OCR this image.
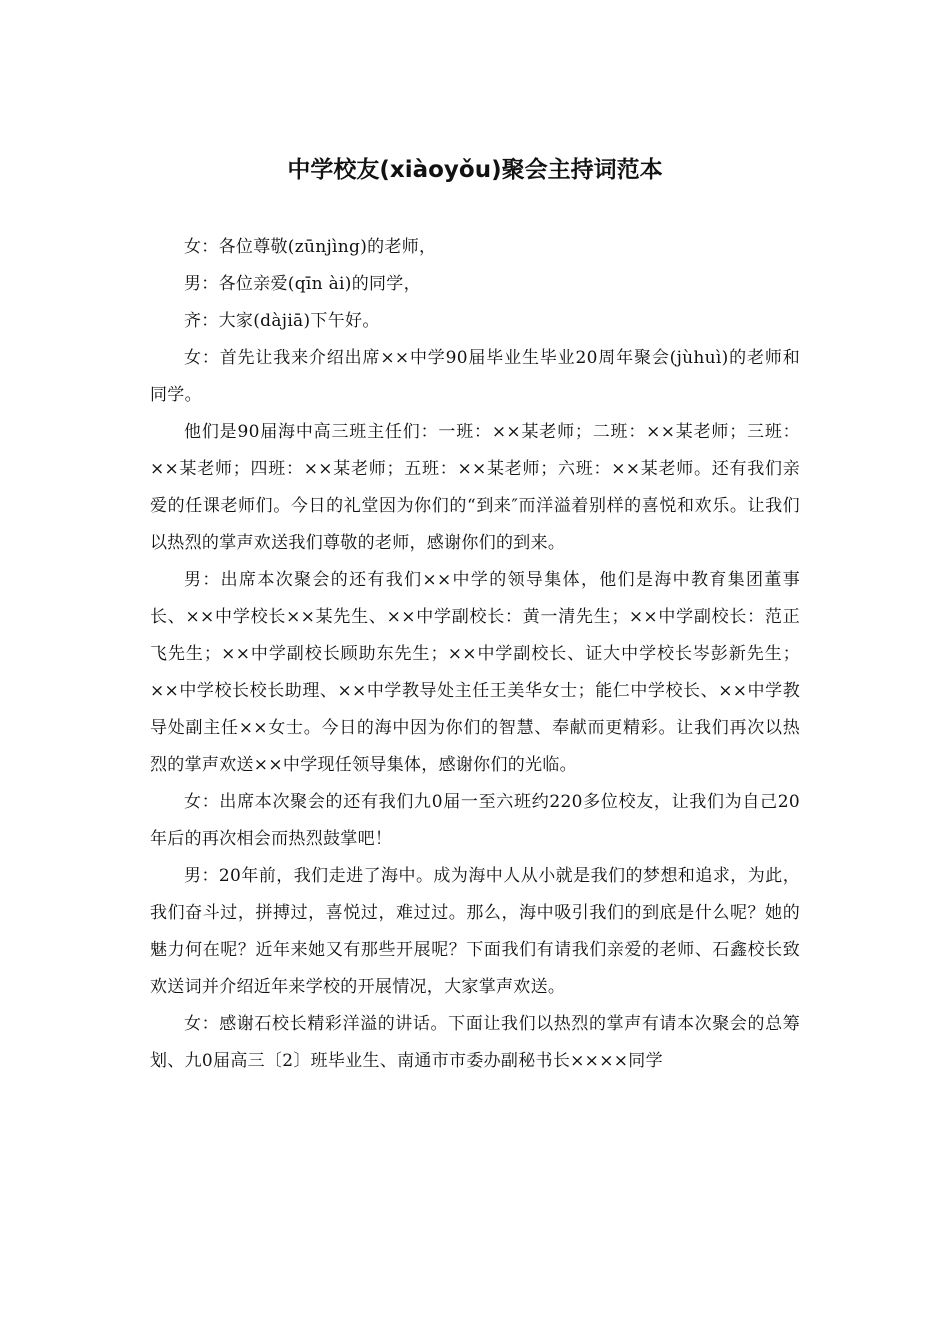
中学校友(xiàoyǒu)聚会主持词范本

女：各位尊敬(zūnjìng)的老师，

男：各位亲爱(qīn ài)的同学，

齐：大家(dàjiā)下午好。

女：首先让我来介绍出席××中学90届毕业生毕业20周年聚会(jùhuì)的老师和同学。

他们是90届海中高三班主任们：一班：××某老师；二班：××某老师；三班：××某老师；四班：××某老师；五班：××某老师；六班：××某老师。还有我们亲爱的任课老师们。今日的礼堂因为你们的“到来″而洋溢着别样的喜悦和欢乐。让我们以热烈的掌声欢送我们尊敬的老师，感谢你们的到来。

男：出席本次聚会的还有我们××中学的领导集体，他们是海中教育集团董事长、××中学校长××某先生、××中学副校长：黄一清先生；××中学副校长：范正飞先生；××中学副校长顾助东先生；××中学副校长、证大中学校长岑彭新先生；××中学校长校长助理、××中学教导处主任王美华女士；能仁中学校长、××中学教导处副主任××女士。今日的海中因为你们的智慧、奉献而更精彩。让我们再次以热烈的掌声欢送××中学现任领导集体，感谢你们的光临。

女：出席本次聚会的还有我们九0届一至六班约220多位校友，让我们为自己20年后的再次相会而热烈鼓掌吧！

男：20年前，我们走进了海中。成为海中人从小就是我们的梦想和追求，为此，我们奋斗过，拼搏过，喜悦过，难过过。那么，海中吸引我们的到底是什么呢？她的魅力何在呢？近年来她又有那些开展呢？下面我们有请我们亲爱的老师、石鑫校长致欢送词并介绍近年来学校的开展情况，大家掌声欢送。

女：感谢石校长精彩洋溢的讲话。下面让我们以热烈的掌声有请本次聚会的总筹划、九0届高三〔2〕班毕业生、南通市市委办副秘书长××××同学
